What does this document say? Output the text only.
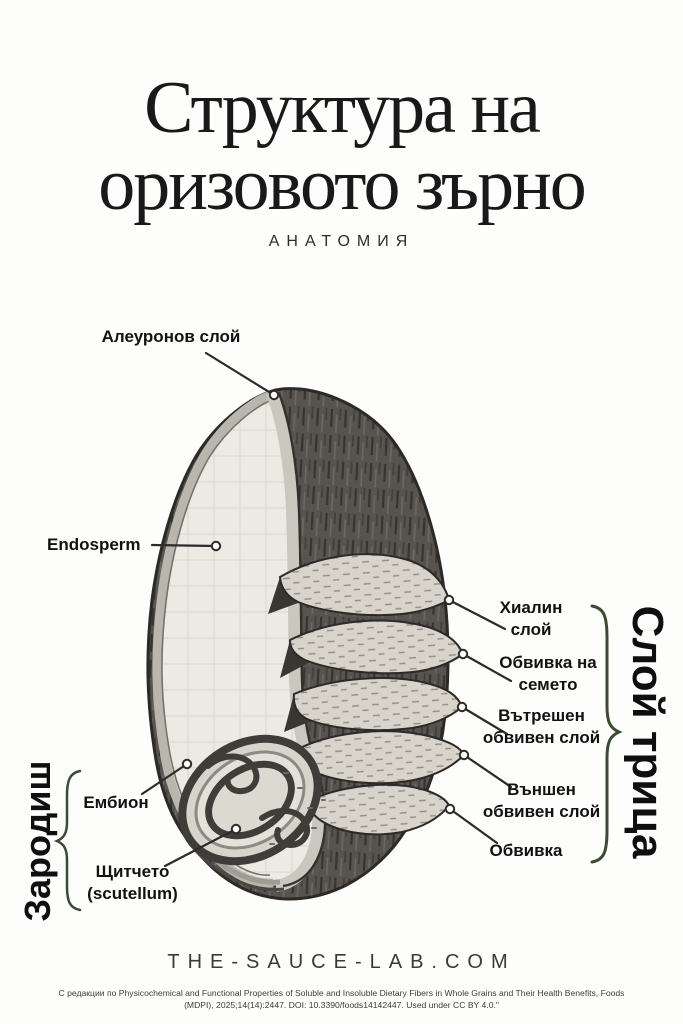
Структура на
оризовото зърно
АНАТОМИЯ
Алеуронов слой
Endosperm
Хиалин
слой
Обвивка на
семето
Вътрешен
обвивен слой
Външен
обвивен слой
Обвивка
Ембион
Щитчето
(scutellum)
Зародиш	Слой трица
THE-SAUCE-LAB.COM
С редакции по Physicochemical and Functional Properties of Soluble and Insoluble Dietary Fibers in Whole Grains and Their Health Benefits, Foods
(MDPI), 2025;14(14):2447. DOI: 10.3390/foods14142447. Used under CC BY 4.0."
